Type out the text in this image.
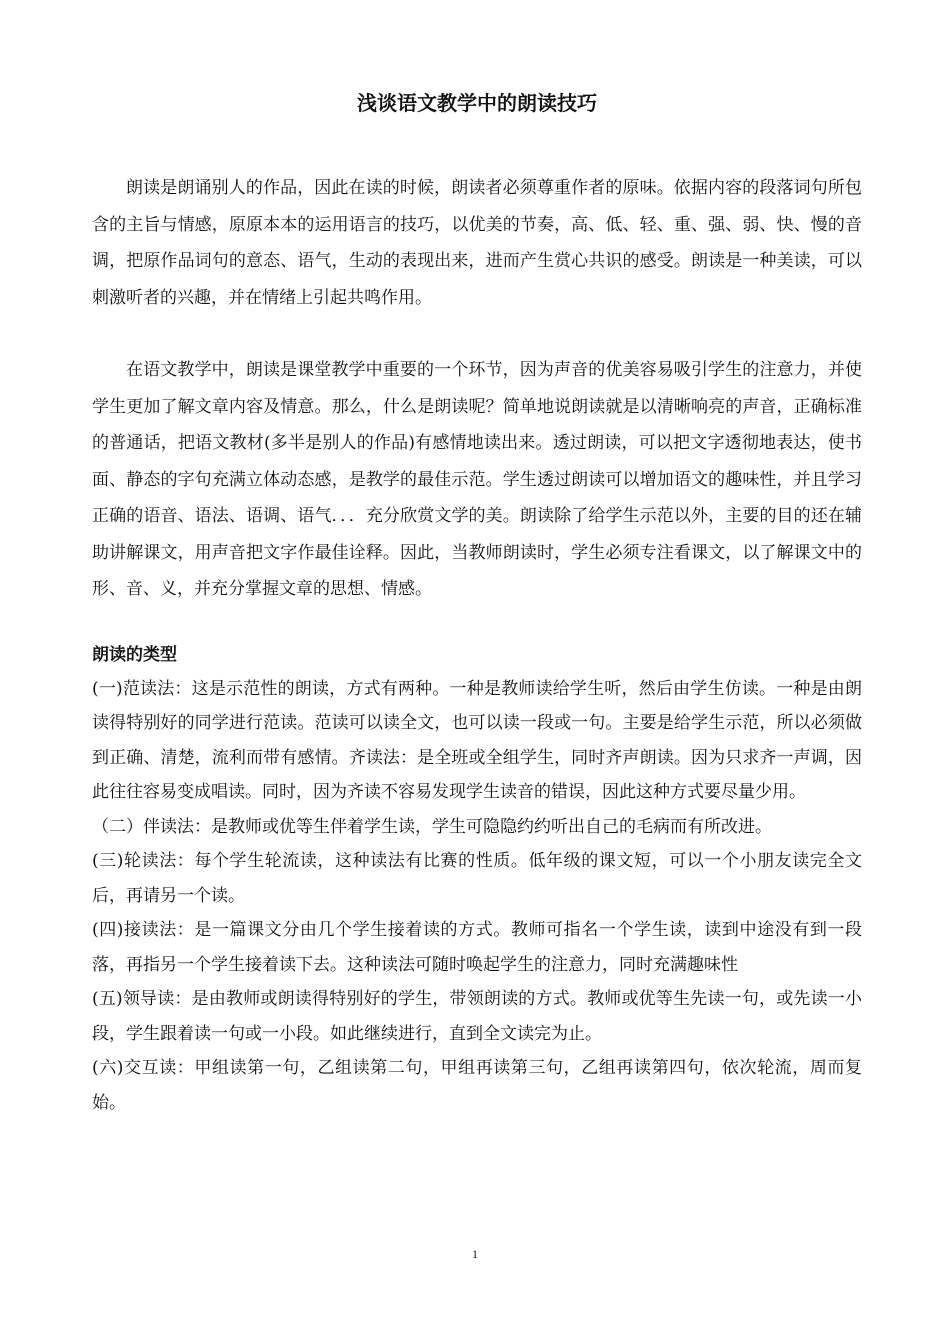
浅谈语文教学中的朗读技巧

朗读是朗诵别人的作品，因此在读的时候，朗读者必须尊重作者的原味。依据内容的段落词句所包含的主旨与情感，原原本本的运用语言的技巧，以优美的节奏，高、低、轻、重、强、弱、快、慢的音调，把原作品词句的意态、语气，生动的表现出来，进而产生赏心共识的感受。朗读是一种美读，可以刺激听者的兴趣，并在情绪上引起共鸣作用。

在语文教学中，朗读是课堂教学中重要的一个环节，因为声音的优美容易吸引学生的注意力，并使学生更加了解文章内容及情意。那么，什么是朗读呢？简单地说朗读就是以清晰响亮的声音，正确标准的普通话，把语文教材(多半是别人的作品)有感情地读出来。透过朗读，可以把文字透彻地表达，使书面、静态的字句充满立体动态感，是教学的最佳示范。学生透过朗读可以增加语文的趣味性，并且学习正确的语音、语法、语调、语气．．．充分欣赏文学的美。朗读除了给学生示范以外，主要的目的还在辅助讲解课文，用声音把文字作最佳诠释。因此，当教师朗读时，学生必须专注看课文，以了解课文中的形、音、义，并充分掌握文章的思想、情感。

朗读的类型

(一)范读法：这是示范性的朗读，方式有两种。一种是教师读给学生听，然后由学生仿读。一种是由朗读得特别好的同学进行范读。范读可以读全文，也可以读一段或一句。主要是给学生示范，所以必须做到正确、清楚，流利而带有感情。齐读法：是全班或全组学生，同时齐声朗读。因为只求齐一声调，因此往往容易变成唱读。同时，因为齐读不容易发现学生读音的错误，因此这种方式要尽量少用。

（二）伴读法：是教师或优等生伴着学生读，学生可隐隐约约听出自己的毛病而有所改进。

(三)轮读法：每个学生轮流读，这种读法有比赛的性质。低年级的课文短，可以一个小朋友读完全文后，再请另一个读。

(四)接读法：是一篇课文分由几个学生接着读的方式。教师可指名一个学生读，读到中途没有到一段落，再指另一个学生接着读下去。这种读法可随时唤起学生的注意力，同时充满趣味性

(五)领导读：是由教师或朗读得特别好的学生，带领朗读的方式。教师或优等生先读一句，或先读一小段，学生跟着读一句或一小段。如此继续进行，直到全文读完为止。

(六)交互读：甲组读第一句，乙组读第二句，甲组再读第三句，乙组再读第四句，依次轮流，周而复始。

1
